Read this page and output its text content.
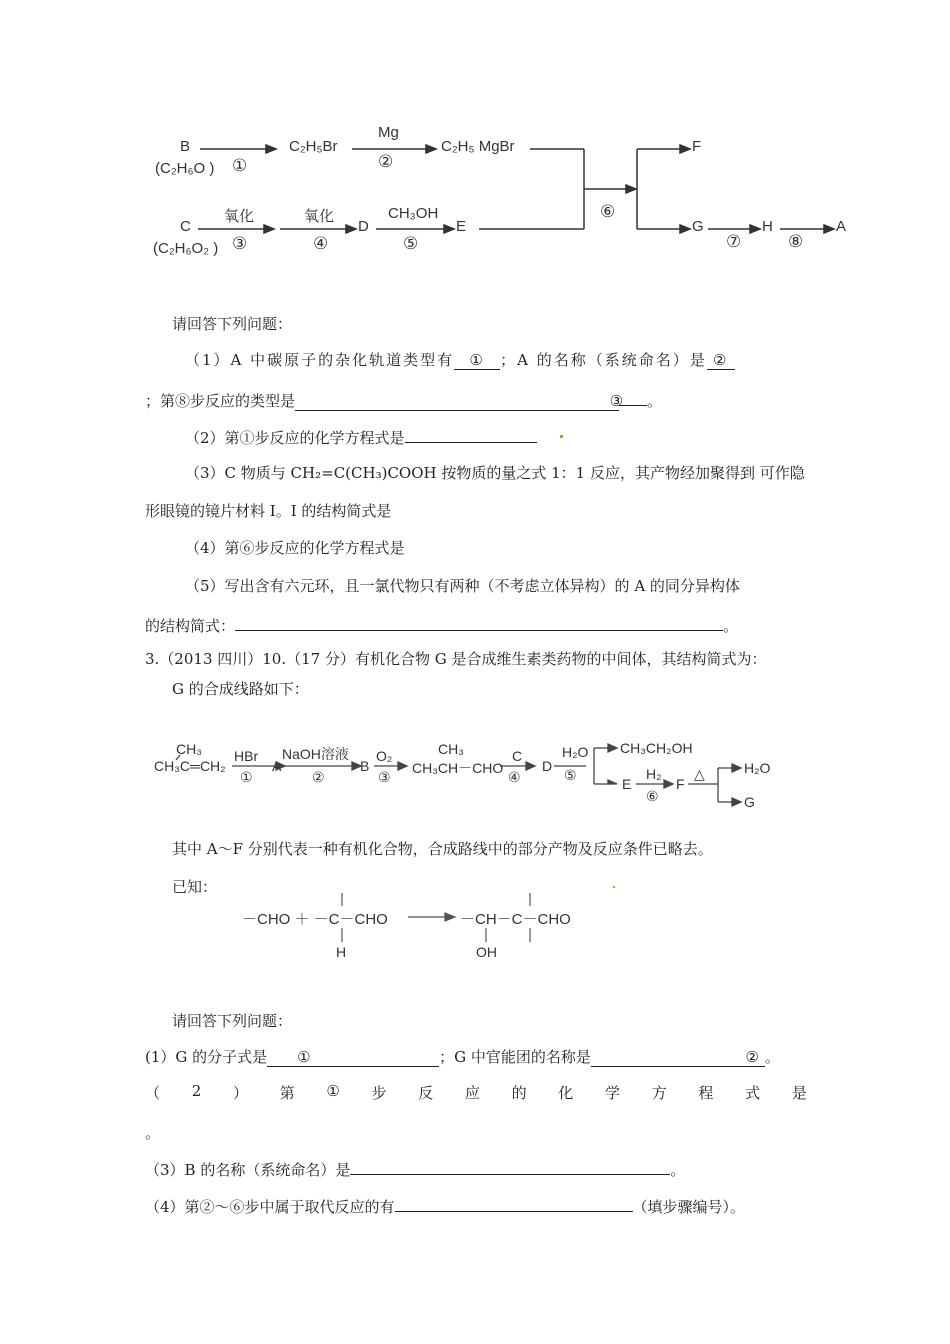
B
(C₂H₆O ) ①
C₂H₅Br
Mg
②
C₂H₅ MgBr
C
(C₂H₆O₂ )
氧化
③
氧化
④
D
CH₃OH
⑤
E
⑥
F
G
⑦
H
⑧
A
请回答下列问题：
（1）A 中碳原子的杂化轨道类型有 ① ；A 的名称（系统命名）是 ②
；第⑧步反应的类型是	③ 。
（2）第①步反应的化学方程式是
（3）C 物质与 CH₂=C(CH₃)COOH 按物质的量之式 1：1 反应，其产物经加聚得到 可作隐
形眼镜的镜片材料 I。I 的结构简式是
（4）第⑥步反应的化学方程式是
（5）写出含有六元环，且一氯代物只有两种（不考虑立体异构）的 A 的同分异构体
的结构简式：	。
3.（2013 四川）10.（17 分）有机化合物 G 是合成维生素类药物的中间体，其结构简式为：
G 的合成线路如下：
CH₃
CH₃C═CH₂
HBr
①
A
NaOH溶液
②
B
O₂
③
CH₃
CH₃CH－CHO
C
④
D
H₂O
⑤
CH₃CH₂OH
E
H₂
⑥
F
△	H₂O
G
其中 A～F 分别代表一种有机化合物，合成路线中的部分产物及反应条件已略去。
已知：
－CHO ＋ －C－CHO
H
－CH－C－CHO
OH
请回答下列问题：
(1）G 的分子式是 ①	；G 中官能团的名称是	② 。
（ 2 ） 第 ① 步 反 应 的 化 学 方 程 式 是
。
（3）B 的名称（系统命名）是	。
（4）第②～⑥步中属于取代反应的有	（填步骤编号）。
